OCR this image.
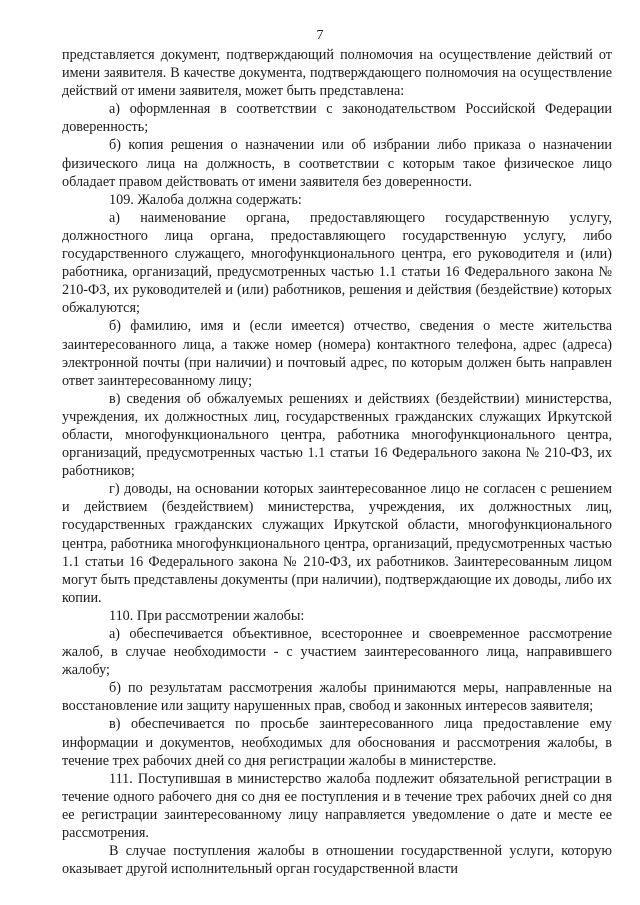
7

представляется документ, подтверждающий полномочия на осуществление действий от имени заявителя. В качестве документа, подтверждающего полномочия на осуществление действий от имени заявителя, может быть представлена:

а) оформленная в соответствии с законодательством Российской Федерации доверенность;

б) копия решения о назначении или об избрании либо приказа о назначении физического лица на должность, в соответствии с которым такое физическое лицо обладает правом действовать от имени заявителя без доверенности.

109. Жалоба должна содержать:

а) наименование органа, предоставляющего государственную услугу, должностного лица органа, предоставляющего государственную услугу, либо государственного служащего, многофункционального центра, его руководителя и (или) работника, организаций, предусмотренных частью 1.1 статьи 16 Федерального закона № 210-ФЗ, их руководителей и (или) работников, решения и действия (бездействие) которых обжалуются;

б) фамилию, имя и (если имеется) отчество, сведения о месте жительства заинтересованного лица, а также номер (номера) контактного телефона, адрес (адреса) электронной почты (при наличии) и почтовый адрес, по которым должен быть направлен ответ заинтересованному лицу;

в) сведения об обжалуемых решениях и действиях (бездействии) министерства, учреждения, их должностных лиц, государственных гражданских служащих Иркутской области, многофункционального центра, работника многофункционального центра, организаций, предусмотренных частью 1.1 статьи 16 Федерального закона № 210-ФЗ, их работников;

г) доводы, на основании которых заинтересованное лицо не согласен с решением и действием (бездействием) министерства, учреждения, их должностных лиц, государственных гражданских служащих Иркутской области, многофункционального центра, работника многофункционального центра, организаций, предусмотренных частью 1.1 статьи 16 Федерального закона № 210-ФЗ, их работников. Заинтересованным лицом могут быть представлены документы (при наличии), подтверждающие их доводы, либо их копии.

110. При рассмотрении жалобы:

а) обеспечивается объективное, всестороннее и своевременное рассмотрение жалоб, в случае необходимости - с участием заинтересованного лица, направившего жалобу;

б) по результатам рассмотрения жалобы принимаются меры, направленные на восстановление или защиту нарушенных прав, свобод и законных интересов заявителя;

в) обеспечивается по просьбе заинтересованного лица предоставление ему информации и документов, необходимых для обоснования и рассмотрения жалобы, в течение трех рабочих дней со дня регистрации жалобы в министерстве.

111. Поступившая в министерство жалоба подлежит обязательной регистрации в течение одного рабочего дня со дня ее поступления и в течение трех рабочих дней со дня ее регистрации заинтересованному лицу направляется уведомление о дате и месте ее рассмотрения.

В случае поступления жалобы в отношении государственной услуги, которую оказывает другой исполнительный орган государственной власти
